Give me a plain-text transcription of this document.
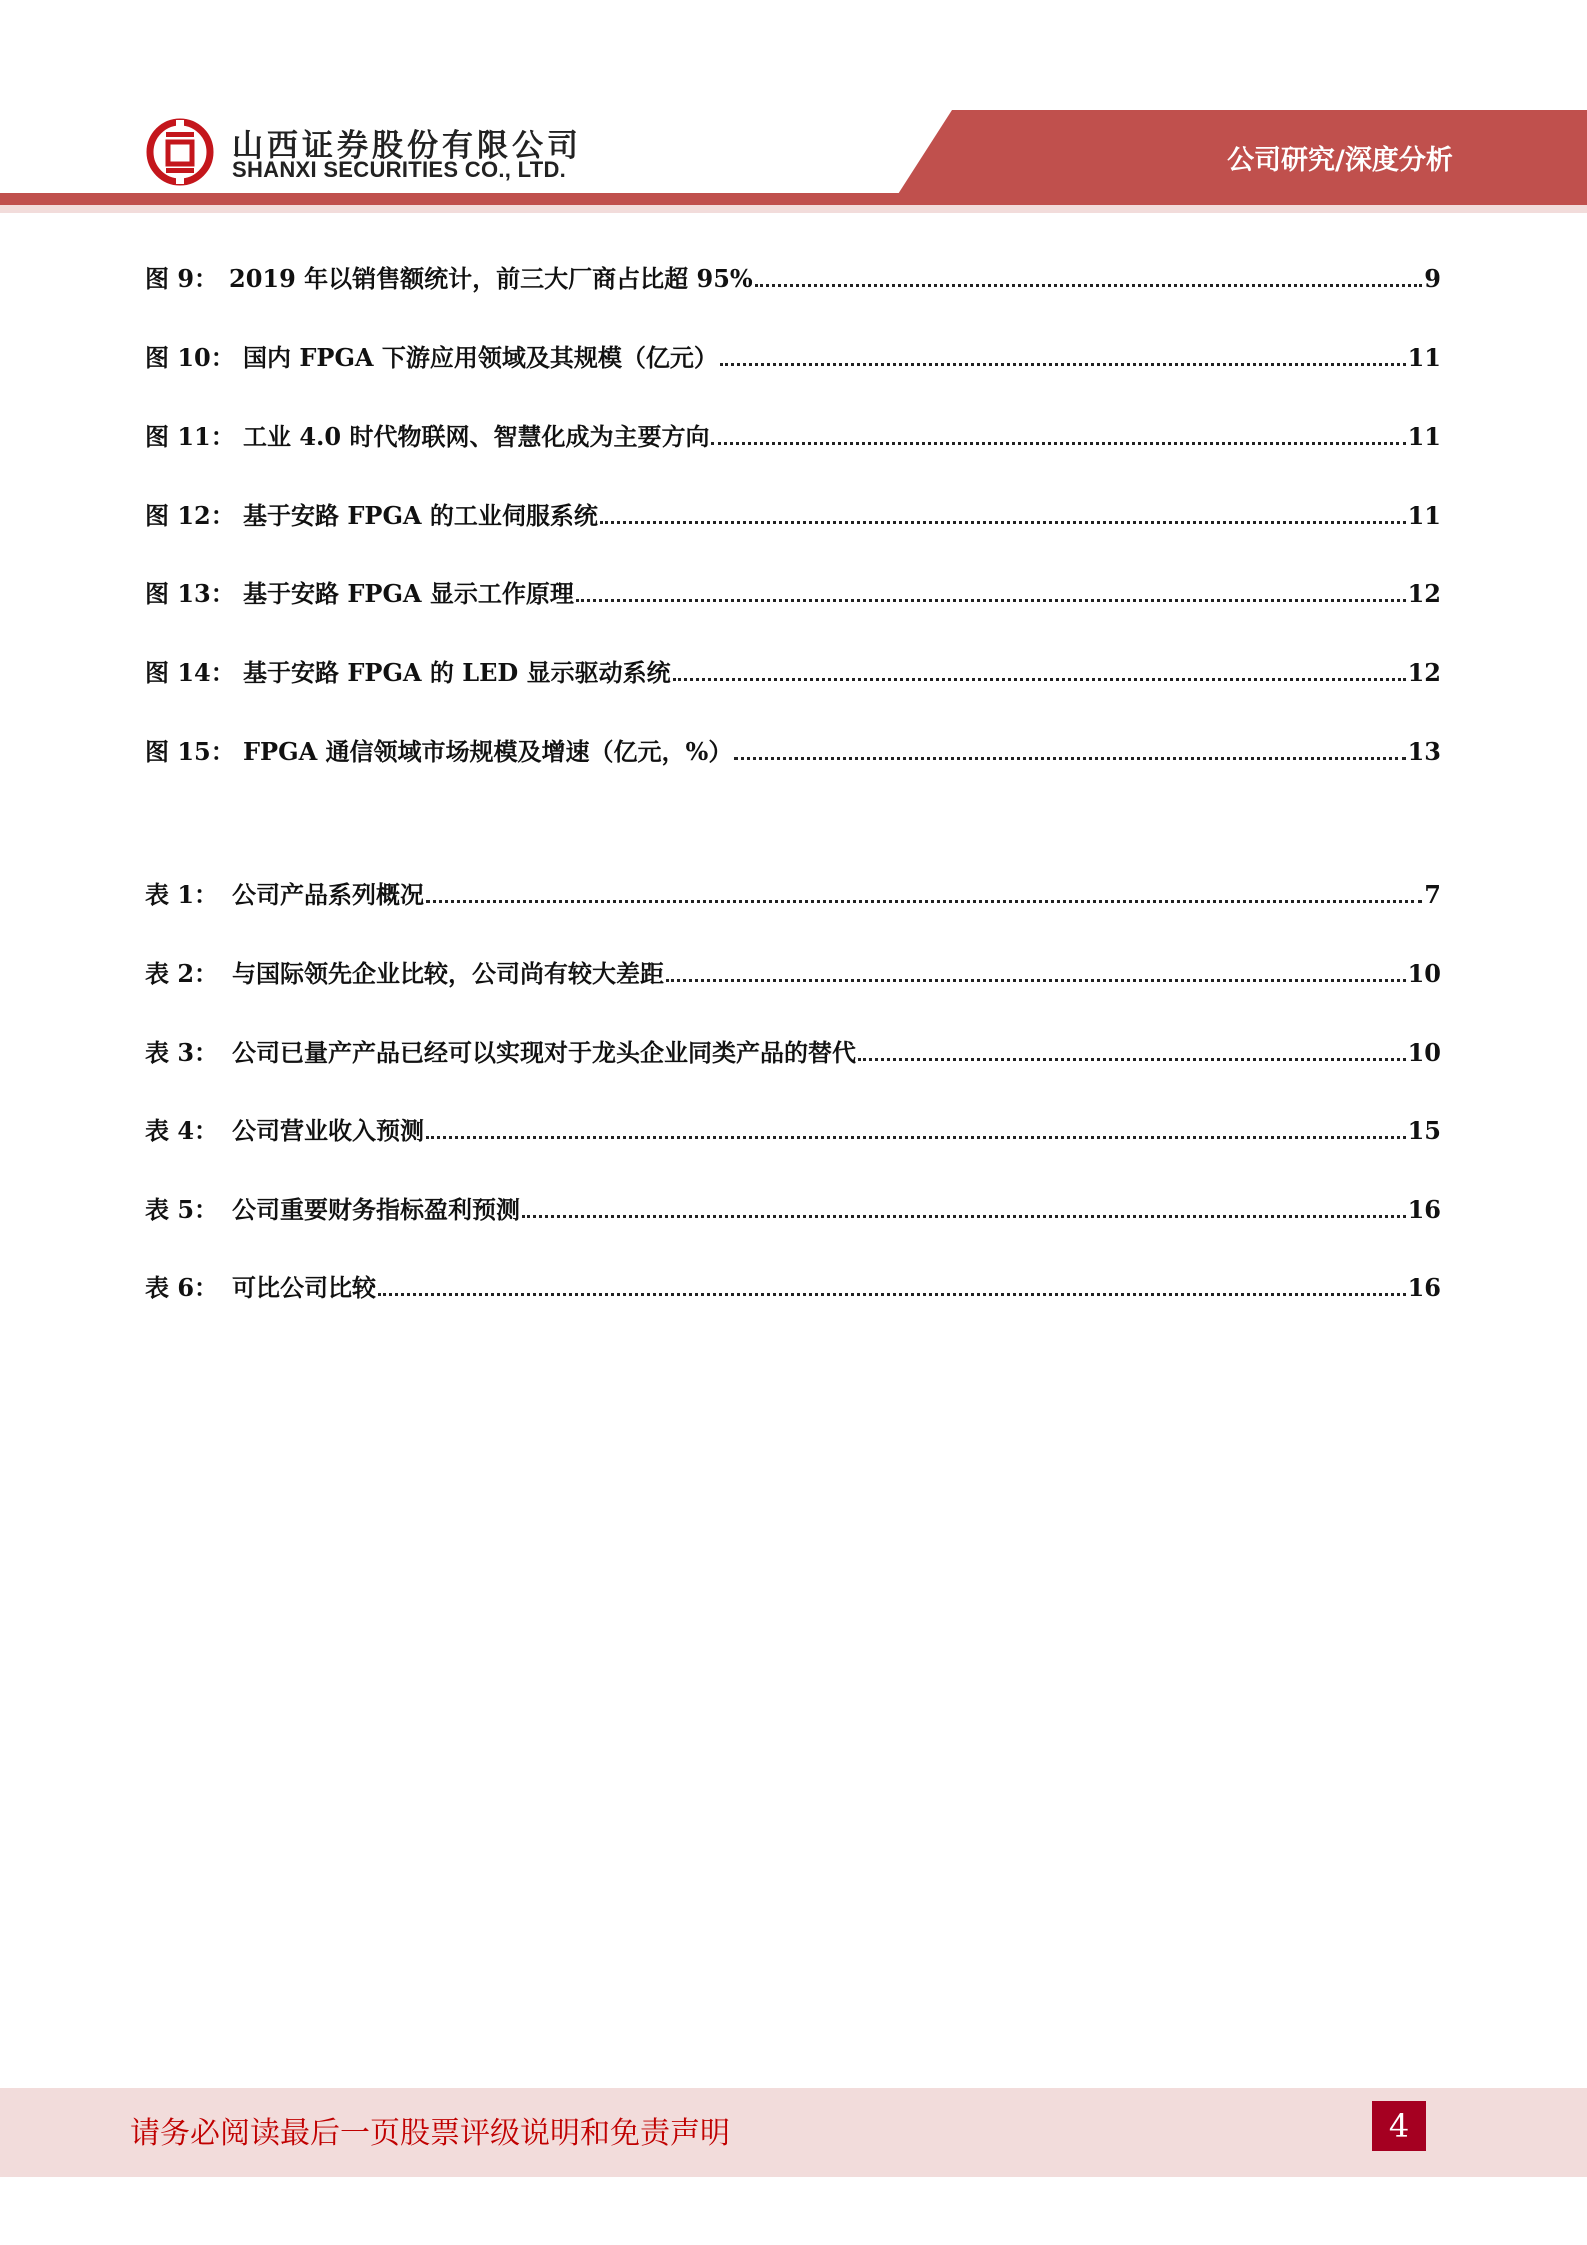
山西证券股份有限公司
SHANXI SECURITIES CO., LTD.	公司研究/深度分析
图 9： 2019 年以销售额统计，前三大厂商占比超 95%	9
图 10： 国内 FPGA 下游应用领域及其规模（亿元）	11
图 11： 工业 4.0 时代物联网、智慧化成为主要方向	11
图 12： 基于安路 FPGA 的工业伺服系统	11
图 13： 基于安路 FPGA 显示工作原理	12
图 14： 基于安路 FPGA 的 LED 显示驱动系统	12
图 15： FPGA 通信领域市场规模及增速（亿元，%）	13
表 1： 公司产品系列概况	7
表 2： 与国际领先企业比较，公司尚有较大差距	10
表 3： 公司已量产产品已经可以实现对于龙头企业同类产品的替代	10
表 4： 公司营业收入预测	15
表 5： 公司重要财务指标盈利预测	16
表 6： 可比公司比较	16
请务必阅读最后一页股票评级说明和免责声明	4
